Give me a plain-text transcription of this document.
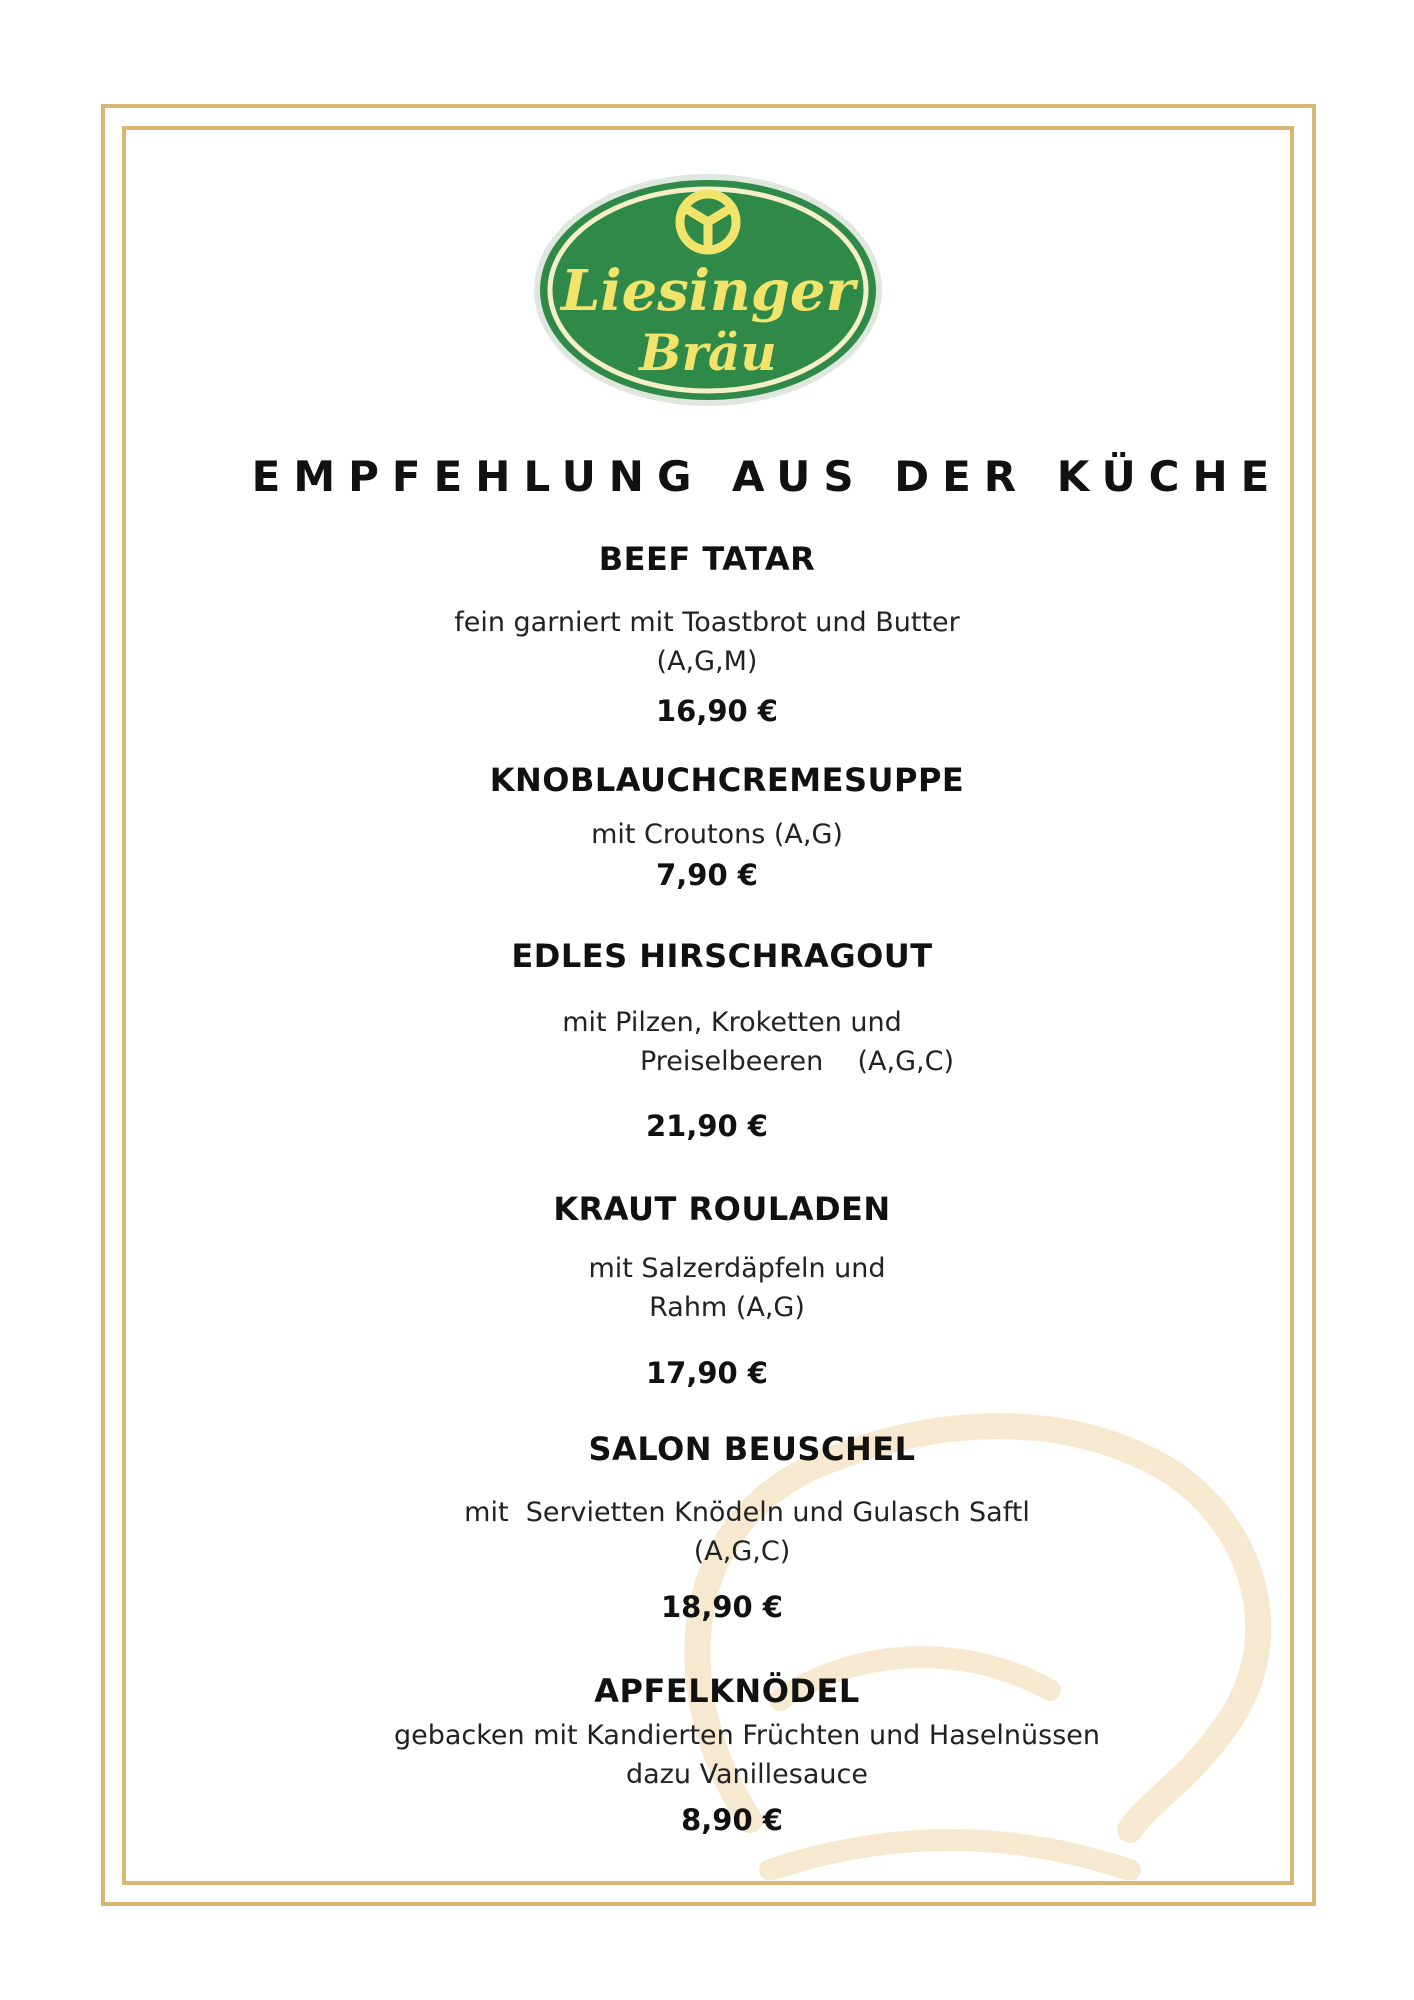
Liesinger
Bräu
EMPFEHLUNG AUS DER KÜCHE
BEEF TATAR
fein garniert mit Toastbrot und Butter
(A,G,M)
16,90 €
KNOBLAUCHCREMESUPPE
mit Croutons (A,G)
7,90 €
EDLES HIRSCHRAGOUT
mit Pilzen, Kroketten und
Preiselbeeren    (A,G,C)
21,90 €
KRAUT ROULADEN
mit Salzerdäpfeln und
Rahm (A,G)
17,90 €
SALON BEUSCHEL
mit  Servietten Knödeln und Gulasch Saftl
(A,G,C)
18,90 €
APFELKNÖDEL
gebacken mit Kandierten Früchten und Haselnüssen
dazu Vanillesauce
8,90 €
